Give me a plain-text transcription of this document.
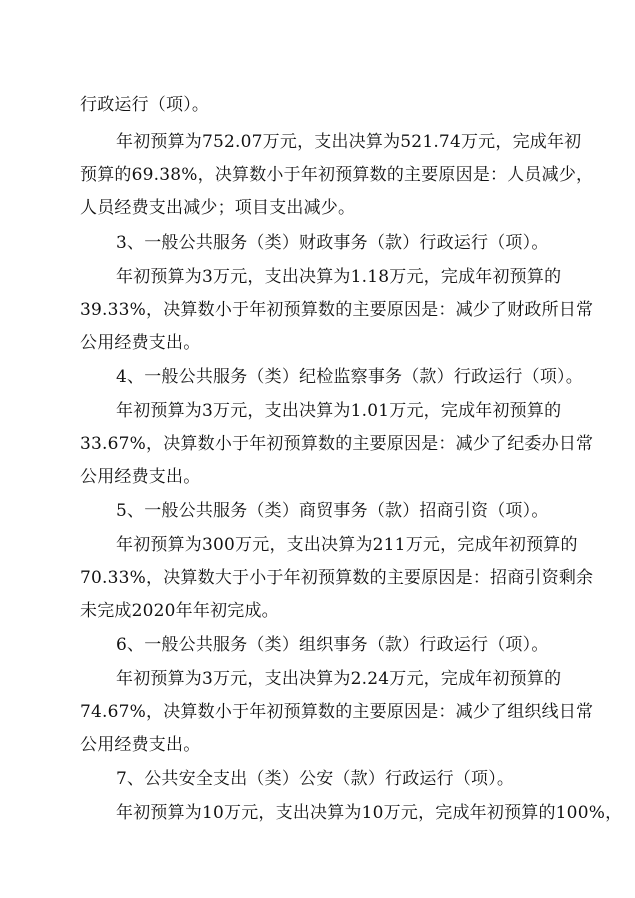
行政运行（项）。
年初预算为752.07万元，支出决算为521.74万元，完成年初
预算的69.38%，决算数小于年初预算数的主要原因是：人员减少，
人员经费支出减少；项目支出减少。
3、一般公共服务（类）财政事务（款）行政运行（项）。
年初预算为3万元，支出决算为1.18万元，完成年初预算的
39.33%，决算数小于年初预算数的主要原因是：减少了财政所日常
公用经费支出。
4、一般公共服务（类）纪检监察事务（款）行政运行（项）。
年初预算为3万元，支出决算为1.01万元，完成年初预算的
33.67%，决算数小于年初预算数的主要原因是：减少了纪委办日常
公用经费支出。
5、一般公共服务（类）商贸事务（款）招商引资（项）。
年初预算为300万元，支出决算为211万元，完成年初预算的
70.33%，决算数大于小于年初预算数的主要原因是：招商引资剩余
未完成2020年年初完成。
6、一般公共服务（类）组织事务（款）行政运行（项）。
年初预算为3万元，支出决算为2.24万元，完成年初预算的
74.67%，决算数小于年初预算数的主要原因是：减少了组织线日常
公用经费支出。
7、公共安全支出（类）公安（款）行政运行（项）。
年初预算为10万元，支出决算为10万元，完成年初预算的100%，
